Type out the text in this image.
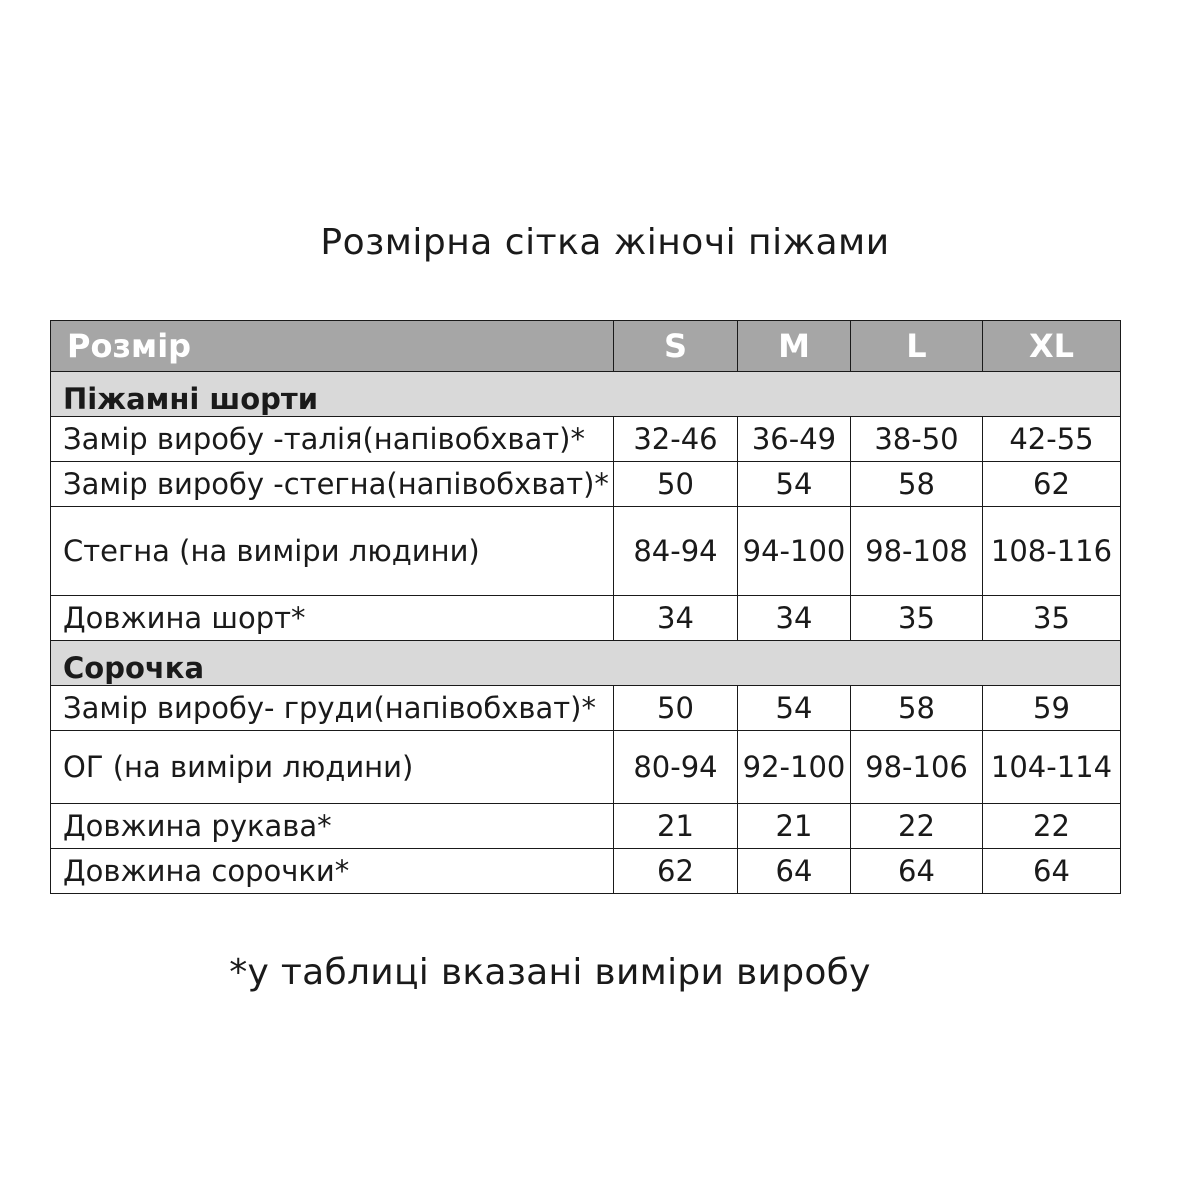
Розмірна сітка жіночі піжами
Розмір	S	M	L	XL
Піжамні шорти				
Замір виробу -талія(напівобхват)*	32-46	36-49	38-50	42-55
Замір виробу -стегна(напівобхват)*	50	54	58	62
Стегна (на виміри людини)	84-94	94-100	98-108	108-116
Довжина шорт*	34	34	35	35
Сорочка				
Замір виробу- груди(напівобхват)*	50	54	58	59
ОГ (на виміри людини)	80-94	92-100	98-106	104-114
Довжина рукава*	21	21	22	22
Довжина сорочки*	62	64	64	64
*у таблиці вказані виміри виробу
